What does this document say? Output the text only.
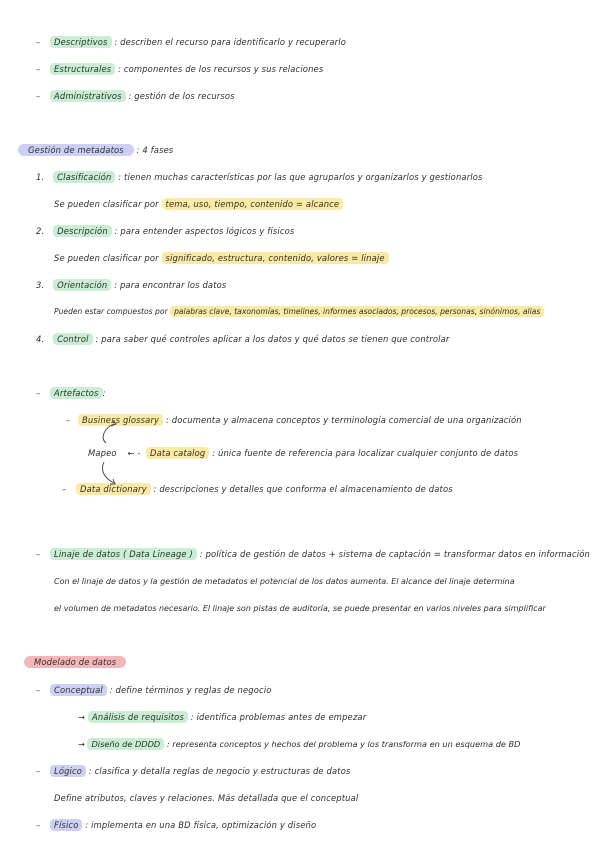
– Descriptivos : describen el recurso para identificarlo y recuperarlo
– Estructurales : componentes de los recursos y sus relaciones
– Administrativos : gestión de los recursos
Gestión de metadatos : 4 fases
1. Clasificación : tienen muchas características por las que agruparlos y organizarlos y gestionarlos
Se pueden clasificar por tema, uso, tiempo, contenido = alcance
2. Descripción : para entender aspectos lógicos y físicos
Se pueden clasificar por significado, estructura, contenido, valores = linaje
3. Orientación : para encontrar los datos
Pueden estar compuestos por palabras clave, taxonomías, timelines, informes asociados, procesos, personas, sinónimos, alias
4. Control : para saber qué controles aplicar a los datos y qué datos se tienen que controlar
– Artefactos :
– Business glossary : documenta y almacena conceptos y terminología comercial de una organización
Mapeo ← -	Data catalog : única fuente de referencia para localizar cualquier conjunto de datos
– Data dictionary : descripciones y detalles que conforma el almacenamiento de datos
– Linaje de datos ( Data Lineage ) : política de gestión de datos + sistema de captación = transformar datos en información
Con el linaje de datos y la gestión de metadatos el potencial de los datos aumenta. El alcance del linaje determina
el volumen de metadatos necesario. El linaje son pistas de auditoría, se puede presentar en varios niveles para simplificar
Modelado de datos
– Conceptual : define términos y reglas de negocio
→ Análisis de requisitos : identifica problemas antes de empezar
→ Diseño de DDDD : representa conceptos y hechos del problema y los transforma en un esquema de BD
– Lógico : clasifica y detalla reglas de negocio y estructuras de datos
Define atributos, claves y relaciones. Más detallada que el conceptual
– Físico : implementa en una BD física, optimización y diseño
